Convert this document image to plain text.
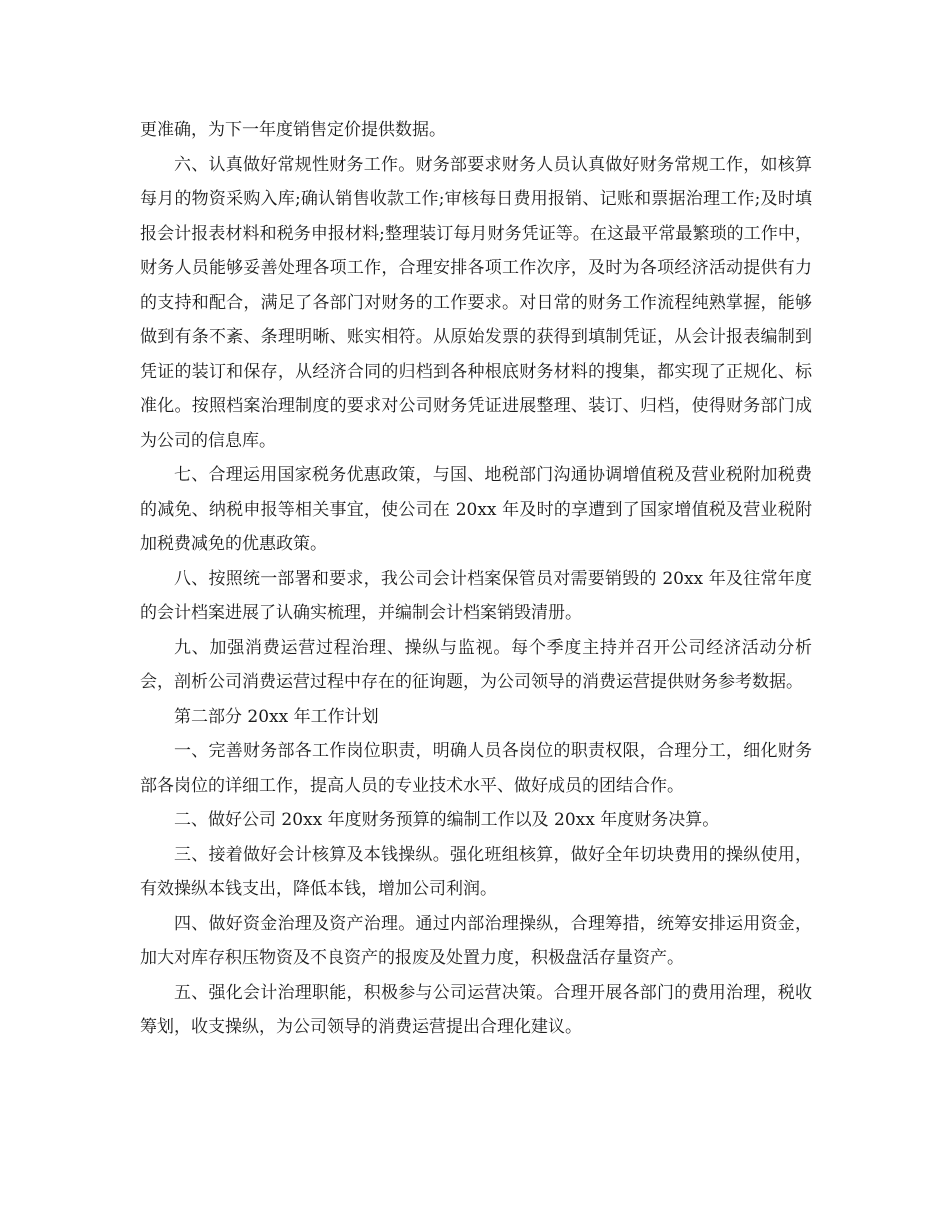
更准确，为下一年度销售定价提供数据。

六、认真做好常规性财务工作。财务部要求财务人员认真做好财务常规工作，如核算每月的物资采购入库;确认销售收款工作;审核每日费用报销、记账和票据治理工作;及时填报会计报表材料和税务申报材料;整理装订每月财务凭证等。在这最平常最繁琐的工作中，财务人员能够妥善处理各项工作，合理安排各项工作次序，及时为各项经济活动提供有力的支持和配合，满足了各部门对财务的工作要求。对日常的财务工作流程纯熟掌握，能够做到有条不紊、条理明晰、账实相符。从原始发票的获得到填制凭证，从会计报表编制到凭证的装订和保存，从经济合同的归档到各种根底财务材料的搜集，都实现了正规化、标准化。按照档案治理制度的要求对公司财务凭证进展整理、装订、归档，使得财务部门成为公司的信息库。

七、合理运用国家税务优惠政策，与国、地税部门沟通协调增值税及营业税附加税费的减免、纳税申报等相关事宜，使公司在 20xx 年及时的享遭到了国家增值税及营业税附加税费减免的优惠政策。

八、按照统一部署和要求，我公司会计档案保管员对需要销毁的 20xx 年及往常年度的会计档案进展了认确实梳理，并编制会计档案销毁清册。

九、加强消费运营过程治理、操纵与监视。每个季度主持并召开公司经济活动分析会，剖析公司消费运营过程中存在的征询题，为公司领导的消费运营提供财务参考数据。

第二部分 20xx 年工作计划

一、完善财务部各工作岗位职责，明确人员各岗位的职责权限，合理分工，细化财务部各岗位的详细工作，提高人员的专业技术水平、做好成员的团结合作。

二、做好公司 20xx 年度财务预算的编制工作以及 20xx 年度财务决算。

三、接着做好会计核算及本钱操纵。强化班组核算，做好全年切块费用的操纵使用，有效操纵本钱支出，降低本钱，增加公司利润。

四、做好资金治理及资产治理。通过内部治理操纵，合理筹措，统筹安排运用资金，加大对库存积压物资及不良资产的报废及处置力度，积极盘活存量资产。

五、强化会计治理职能，积极参与公司运营决策。合理开展各部门的费用治理，税收筹划，收支操纵，为公司领导的消费运营提出合理化建议。
